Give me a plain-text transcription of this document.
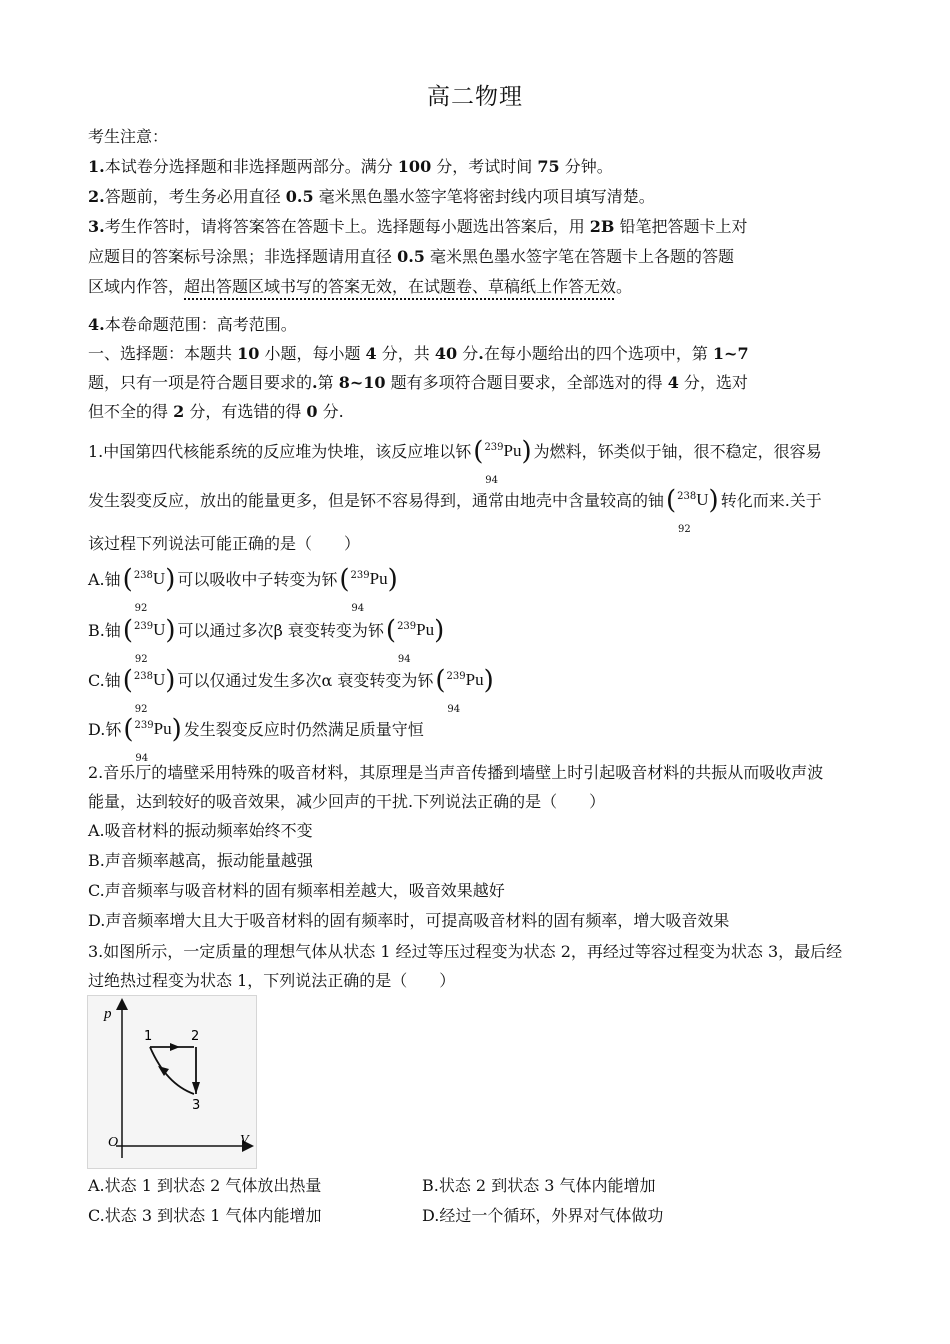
高二物理
考生注意：
1.本试卷分选择题和非选择题两部分。满分 100 分，考试时间 75 分钟。
2.答题前，考生务必用直径 0.5 毫米黑色墨水签字笔将密封线内项目填写清楚。
3.考生作答时，请将答案答在答题卡上。选择题每小题选出答案后，用 2B 铅笔把答题卡上对
应题目的答案标号涂黑；非选择题请用直径 0.5 毫米黑色墨水签字笔在答题卡上各题的答题
区域内作答，超出答题区域书写的答案无效，在试题卷、草稿纸上作答无效。
4.本卷命题范围：高考范围。
一、选择题：本题共 10 小题，每小题 4 分，共 40 分.在每小题给出的四个选项中，第 1~7
题，只有一项是符合题目要求的.第 8~10 题有多项符合题目要求，全部选对的得 4 分，选对
但不全的得 2 分，有选错的得 0 分.
1.中国第四代核能系统的反应堆为快堆，该反应堆以钚($^{239}$Pu)
94
为燃料，钚类似于铀，很不稳定，很容易
发生裂变反应，放出的能量更多，但是钚不容易得到，通常由地壳中含量较高的铀($^{238}$U)
92
转化而来.关于
该过程下列说法可能正确的是（　　）
A.铀($^{238}$U)
92
可以吸收中子转变为钚($^{239}$Pu)
94
B.铀($^{239}$U)
92
可以通过多次β 衰变转变为钚($^{239}$Pu)
94
C.铀($^{238}$U)
92
可以仅通过发生多次α 衰变转变为钚($^{239}$Pu)
94
D.钚($^{239}$Pu)
94
发生裂变反应时仍然满足质量守恒
2.音乐厅的墙壁采用特殊的吸音材料，其原理是当声音传播到墙壁上时引起吸音材料的共振从而吸收声波
能量，达到较好的吸音效果，减少回声的干扰.下列说法正确的是（　　）
A.吸音材料的振动频率始终不变
B.声音频率越高，振动能量越强
C.声音频率与吸音材料的固有频率相差越大，吸音效果越好
D.声音频率增大且大于吸音材料的固有频率时，可提高吸音材料的固有频率，增大吸音效果
3.如图所示，一定质量的理想气体从状态 1 经过等压过程变为状态 2，再经过等容过程变为状态 3，最后经
过绝热过程变为状态 1，下列说法正确的是（　　）
p
V
O
1	2
3
A.状态 1 到状态 2 气体放出热量	B.状态 2 到状态 3 气体内能增加
C.状态 3 到状态 1 气体内能增加	D.经过一个循环，外界对气体做功
